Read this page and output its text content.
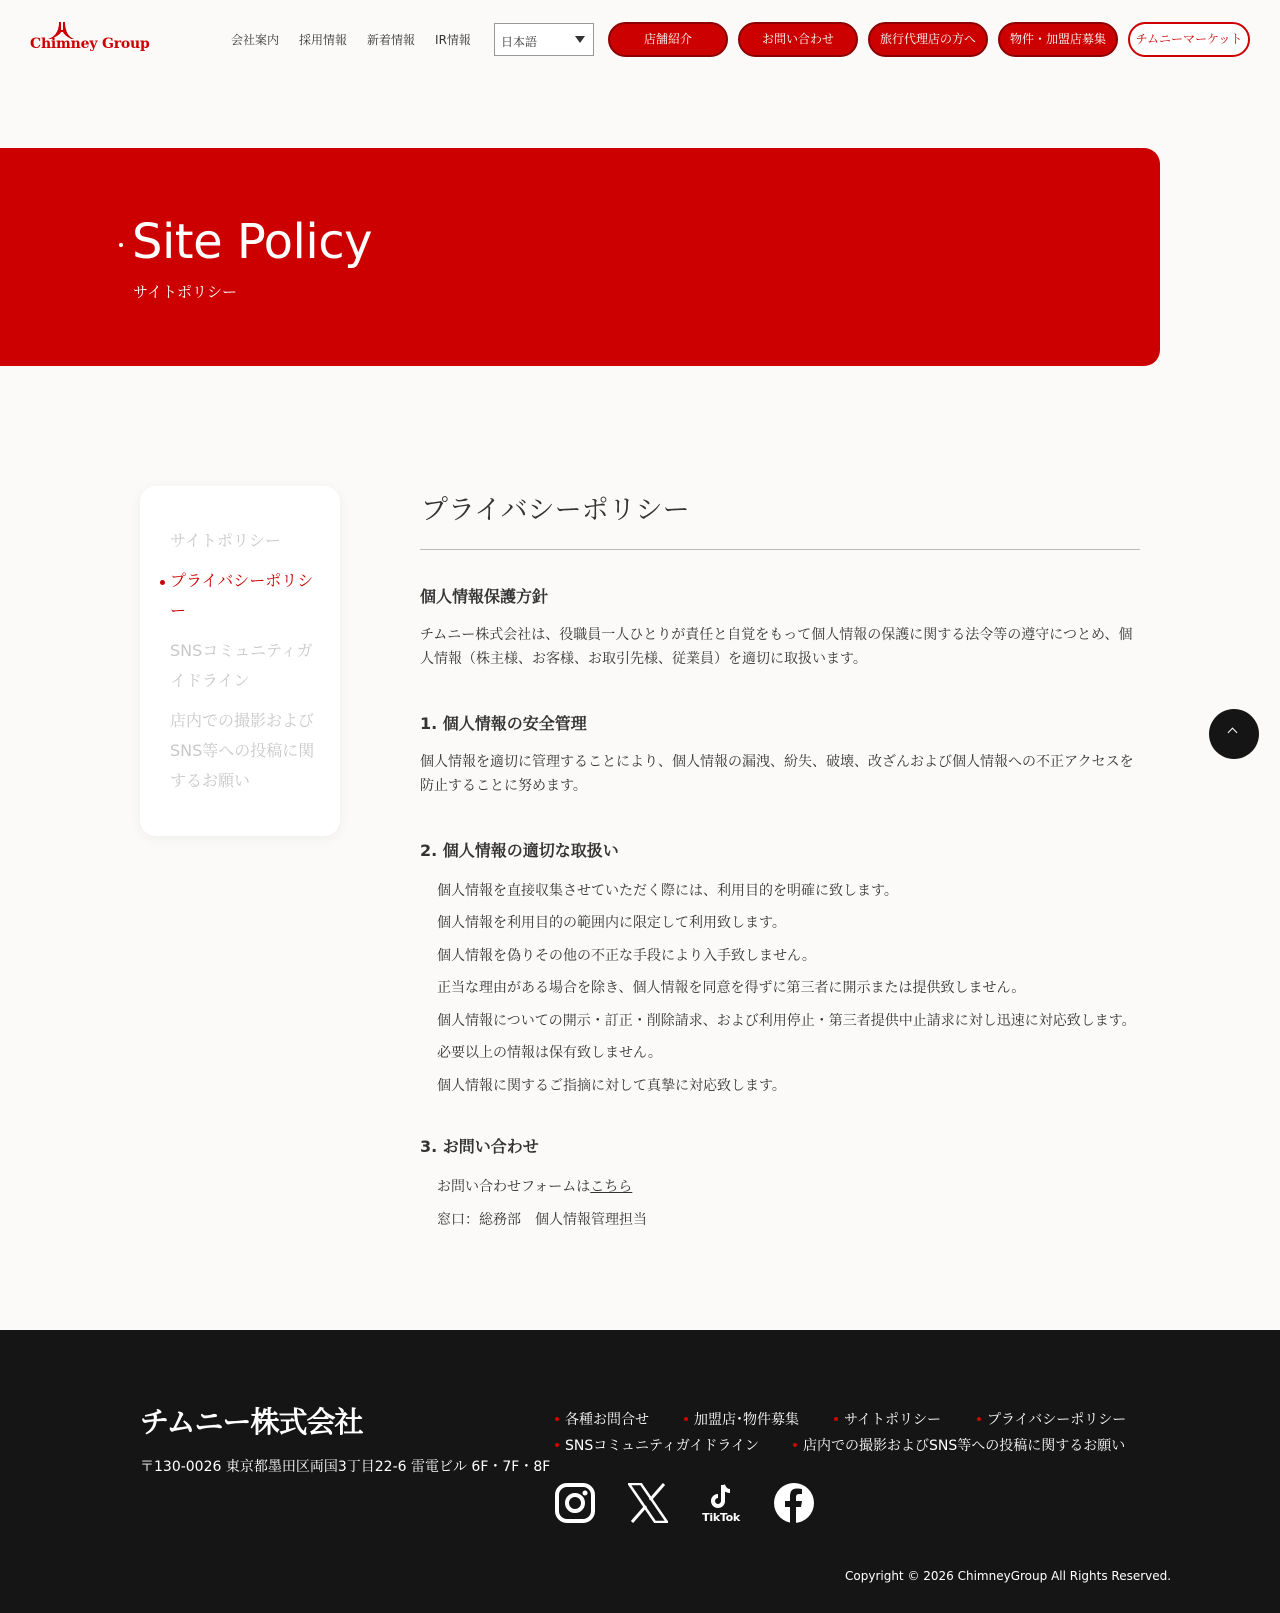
Chimney Group	会社案内 採用情報 新着情報 IR情報	日本語	店舗紹介	お問い合わせ	旅行代理店の方へ	物件・加盟店募集	チムニーマーケット
Site Policy
サイトポリシー
サイトポリシー
プライバシーポリシー
SNSコミュニティガイドライン
店内での撮影およびSNS等への投稿に関するお願い
プライバシーポリシー
個人情報保護方針
チムニー株式会社は、役職員一人ひとりが責任と自覚をもって個人情報の保護に関する法令等の遵守につとめ、個人情報（株主様、お客様、お取引先様、従業員）を適切に取扱います。
1. 個人情報の安全管理
個人情報を適切に管理することにより、個人情報の漏洩、紛失、破壊、改ざんおよび個人情報への不正アクセスを防止することに努めます。
2. 個人情報の適切な取扱い
個人情報を直接収集させていただく際には、利用目的を明確に致します。
個人情報を利用目的の範囲内に限定して利用致します。
個人情報を偽りその他の不正な手段により入手致しません。
正当な理由がある場合を除き、個人情報を同意を得ずに第三者に開示または提供致しません。
個人情報についての開示・訂正・削除請求、および利用停止・第三者提供中止請求に対し迅速に対応致します。
必要以上の情報は保有致しません。
個人情報に関するご指摘に対して真摯に対応致します。
3. お問い合わせ
お問い合わせフォームはこちら
窓口：総務部　個人情報管理担当
チムニー株式会社
〒130-0026 東京都墨田区両国3丁目22-6 雷電ビル 6F・7F・8F
各種お問合せ	加盟店･物件募集	サイトポリシー	プライバシーポリシー
SNSコミュニティガイドライン	店内での撮影およびSNS等への投稿に関するお願い
TikTok
Copyright © 2026 ChimneyGroup All Rights Reserved.
